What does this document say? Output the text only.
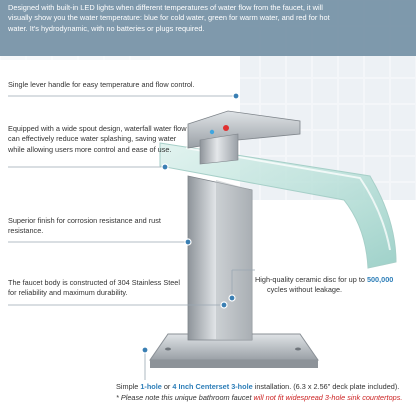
Designed with built-in LED lights when different temperatures of water flow from the faucet, it will visually show you the water temperature: blue for cold water, green for warm water, and red for hot water. It's hydrodynamic, with no batteries or plugs required.
Single lever handle for easy temperature and flow control.
Equipped with a wide spout design, waterfall water flow can effectively reduce water splashing, saving water while allowing users more control and ease of use.
Superior finish for corrosion resistance and rust resistance.
The faucet body is constructed of 304 Stainless Steel for reliability and maximum durability.
High-quality ceramic disc for up to 500,000
cycles without leakage.
Simple 1-hole or 4 Inch Centerset 3-hole installation. (6.3 x 2.56" deck plate included).
* Please note this unique bathroom faucet will not fit widespread 3-hole sink countertops.
